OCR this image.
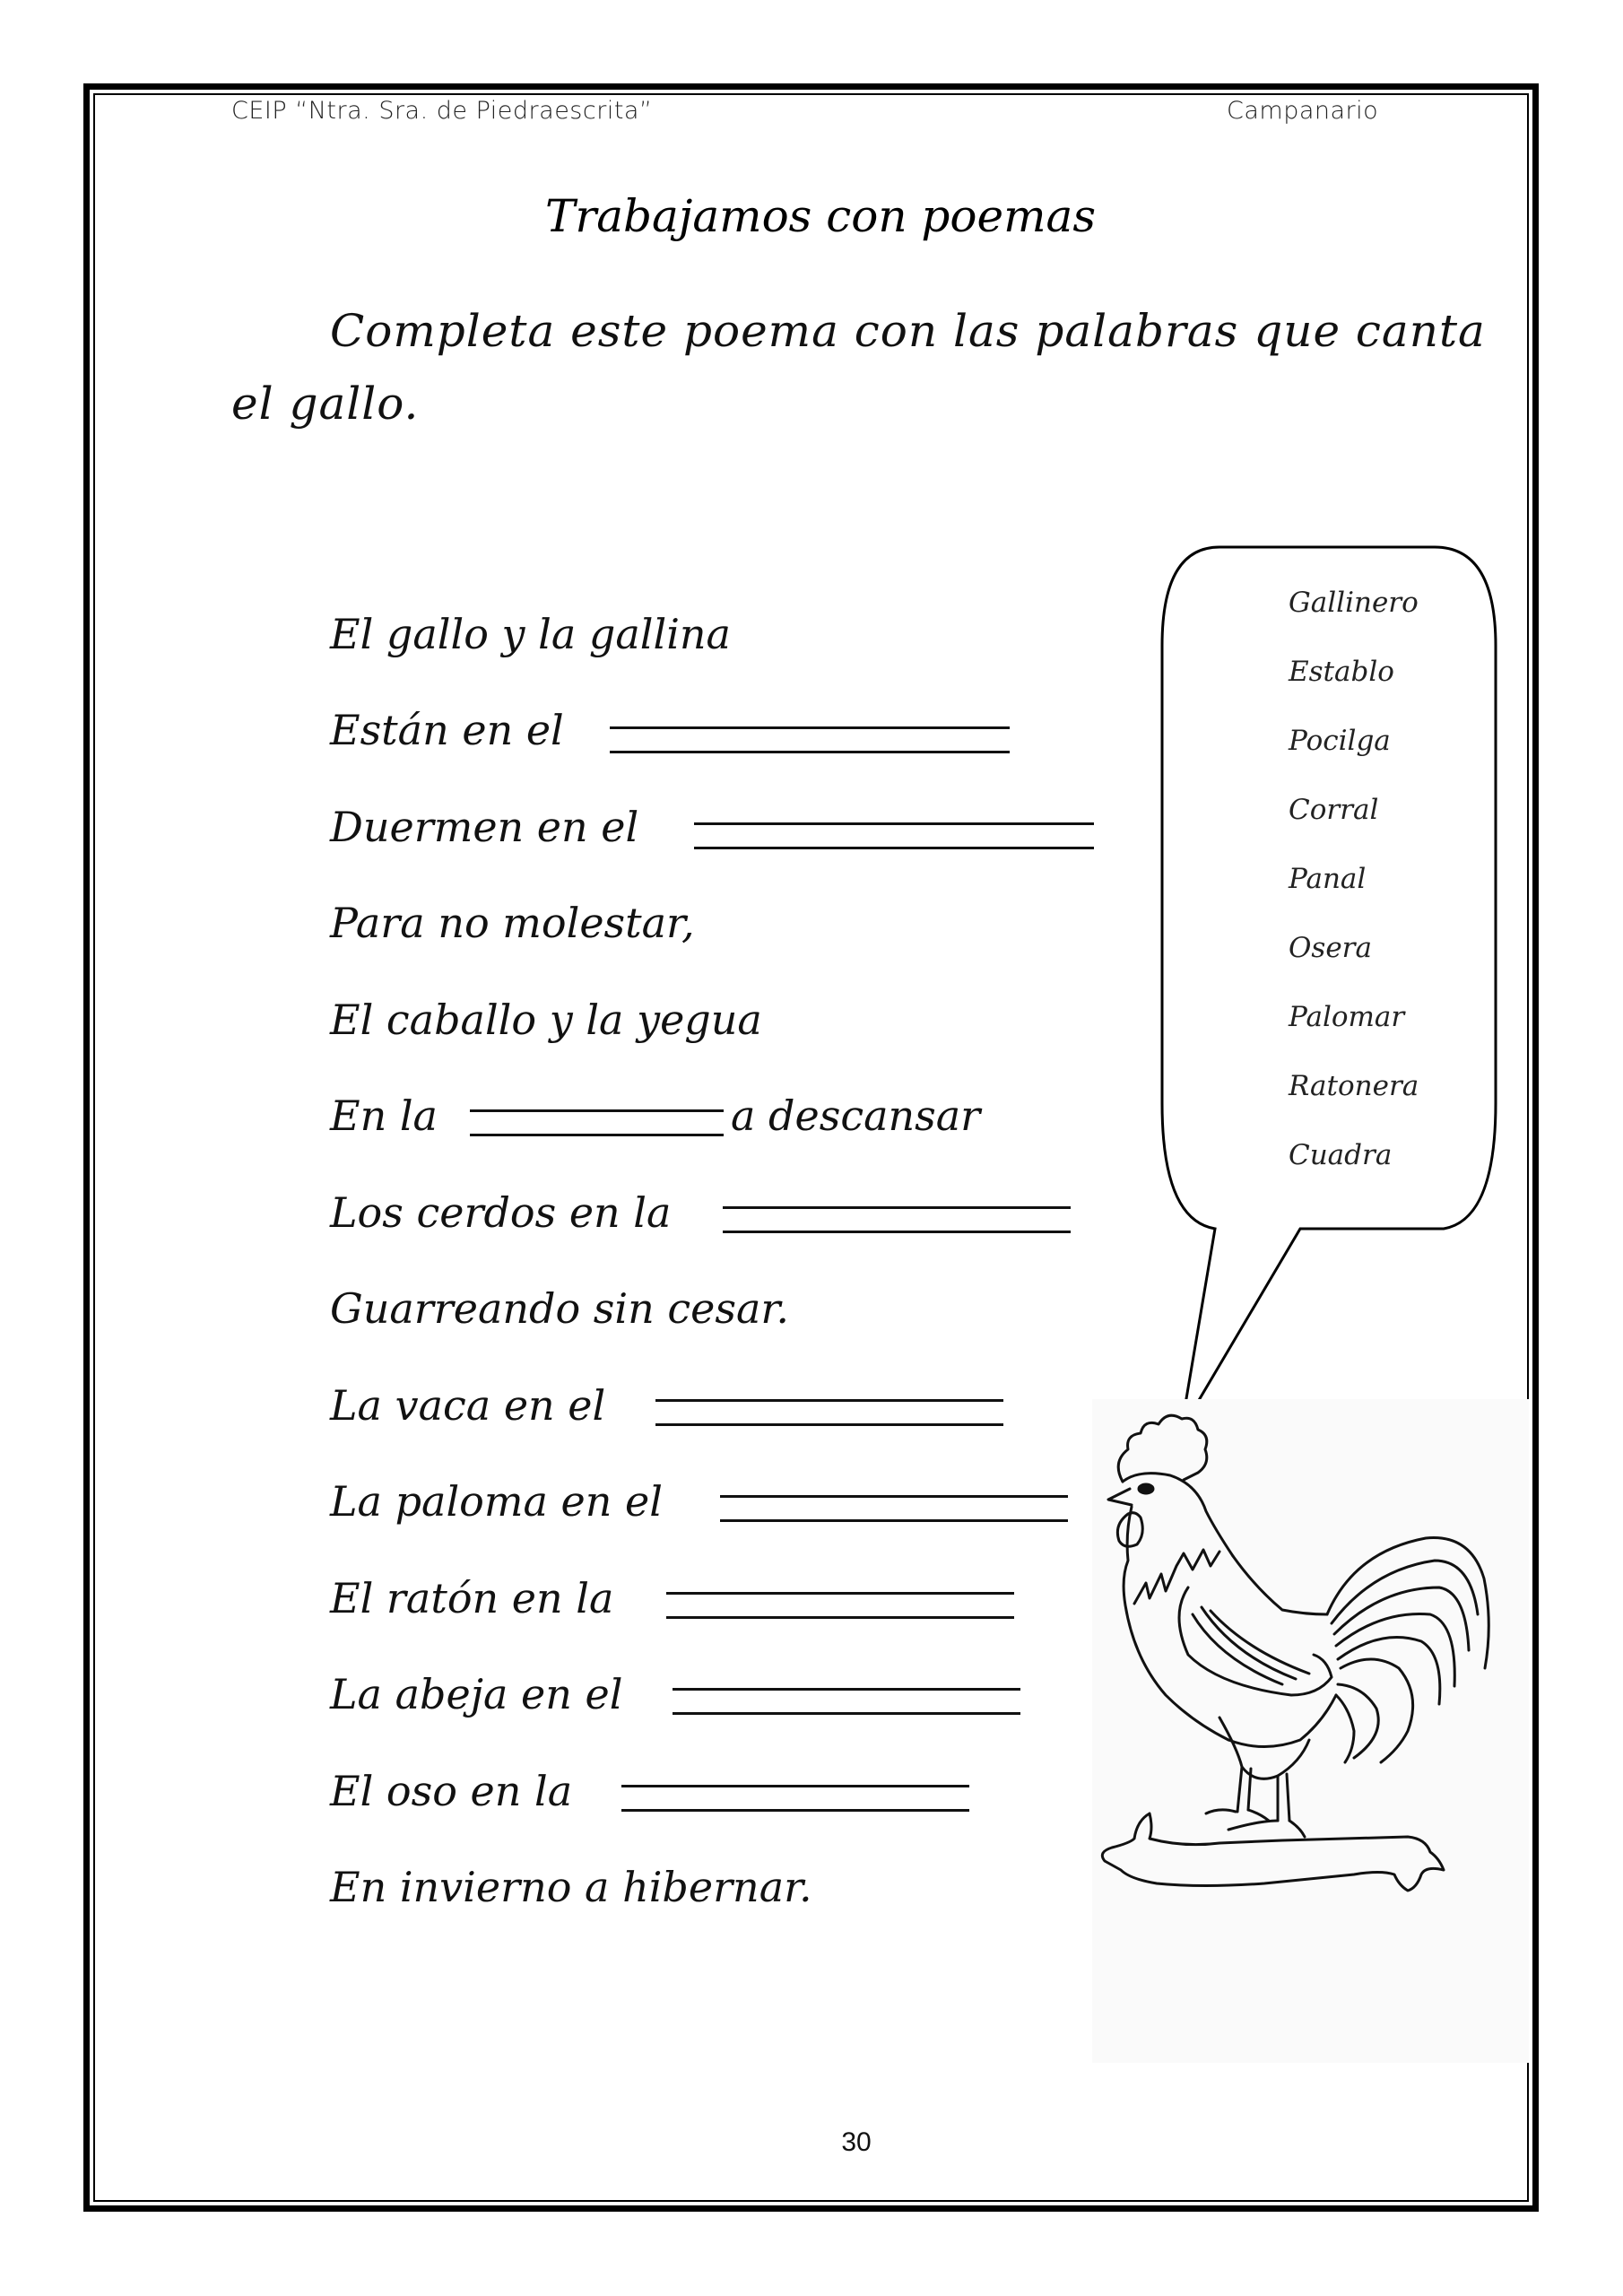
CEIP “Ntra. Sra. de Piedraescrita”	Campanario
Trabajamos con poemas
Completa este poema con las palabras que canta
el gallo.
El gallo y la gallina
Están en el
Duermen en el
Para no molestar,
El caballo y la yegua
En la	a descansar
Los cerdos en la
Guarreando sin cesar.
La vaca en el
La paloma en el
El ratón en la
La abeja en el
El oso en la
En invierno a hibernar.
Gallinero
Establo
Pocilga
Corral
Panal
Osera
Palomar
Ratonera
Cuadra
30
